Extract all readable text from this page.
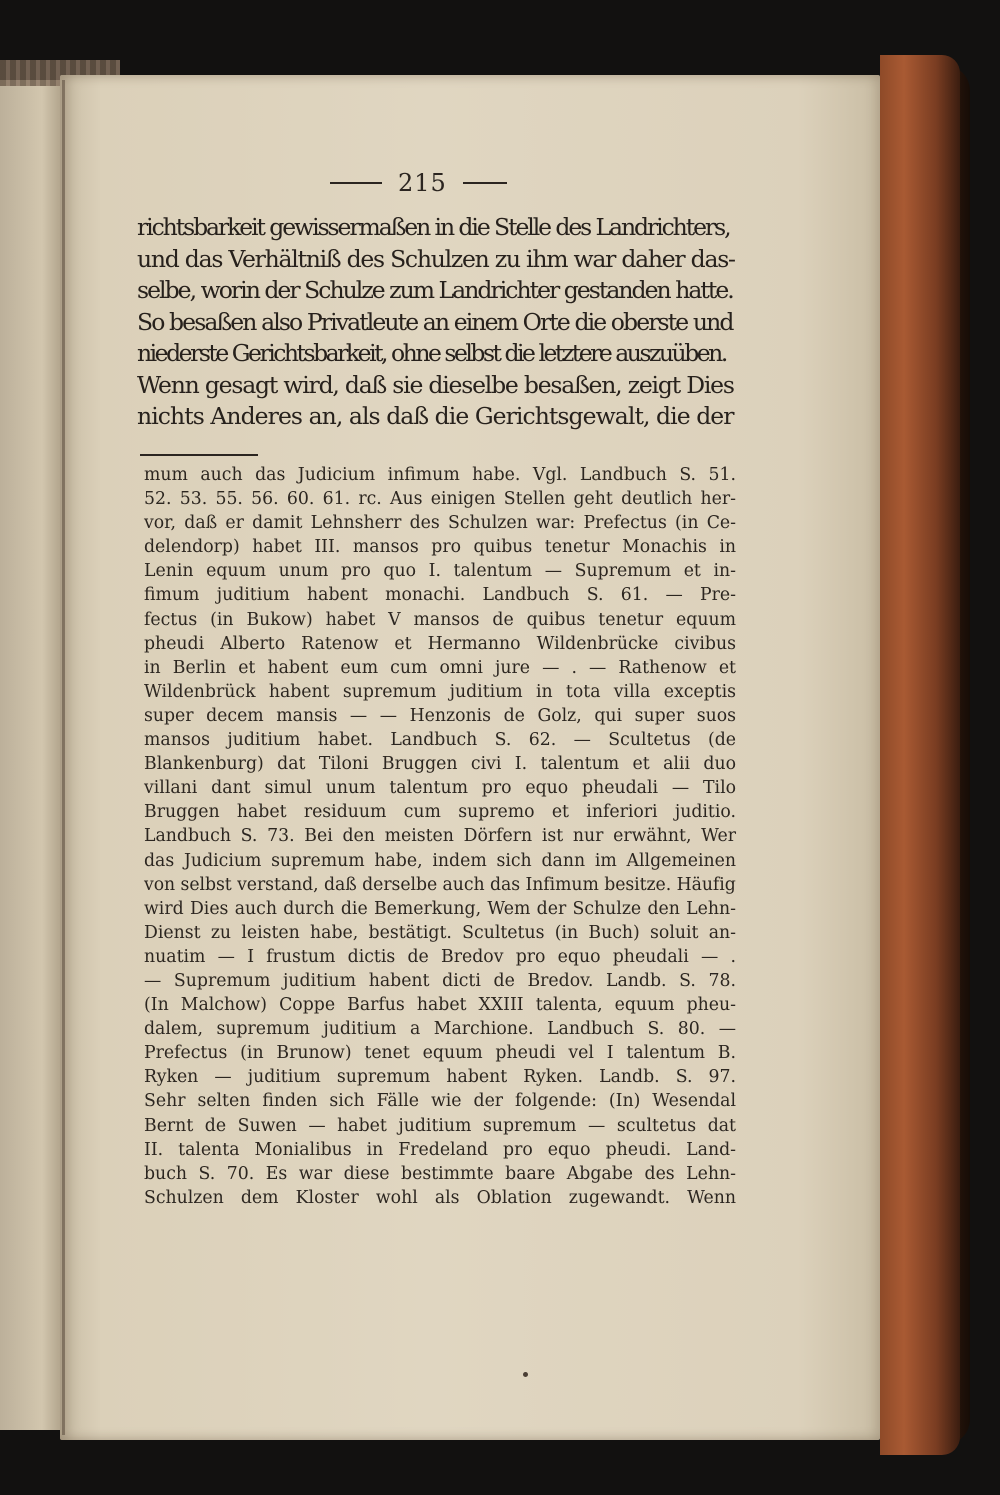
215
richtsbarkeit gewissermaßen in die Stelle des Landrichters,
und das Verhältniß des Schulzen zu ihm war daher das-
selbe, worin der Schulze zum Landrichter gestanden hatte.
So besaßen also Privatleute an einem Orte die oberste und
niederste Gerichtsbarkeit, ohne selbst die letztere auszuüben.
Wenn gesagt wird, daß sie dieselbe besaßen, zeigt Dies
nichts Anderes an, als daß die Gerichtsgewalt, die der
mum auch das Judicium infimum habe. Vgl. Landbuch S. 51.
52. 53. 55. 56. 60. 61. rc. Aus einigen Stellen geht deutlich her-
vor, daß er damit Lehnsherr des Schulzen war: Prefectus (in Ce-
delendorp) habet III. mansos pro quibus tenetur Monachis in
Lenin equum unum pro quo I. talentum — Supremum et in-
fimum juditium habent monachi. Landbuch S. 61. — Pre-
fectus (in Bukow) habet V mansos de quibus tenetur equum
pheudi Alberto Ratenow et Hermanno Wildenbrücke civibus
in Berlin et habent eum cum omni jure — . — Rathenow et
Wildenbrück habent supremum juditium in tota villa exceptis
super decem mansis — — Henzonis de Golz, qui super suos
mansos juditium habet. Landbuch S. 62. — Scultetus (de
Blankenburg) dat Tiloni Bruggen civi I. talentum et alii duo
villani dant simul unum talentum pro equo pheudali — Tilo
Bruggen habet residuum cum supremo et inferiori juditio.
Landbuch S. 73. Bei den meisten Dörfern ist nur erwähnt, Wer
das Judicium supremum habe, indem sich dann im Allgemeinen
von selbst verstand, daß derselbe auch das Infimum besitze. Häufig
wird Dies auch durch die Bemerkung, Wem der Schulze den Lehn-
Dienst zu leisten habe, bestätigt. Scultetus (in Buch) soluit an-
nuatim — I frustum dictis de Bredov pro equo pheudali — .
— Supremum juditium habent dicti de Bredov. Landb. S. 78.
(In Malchow) Coppe Barfus habet XXIII talenta, equum pheu-
dalem, supremum juditium a Marchione. Landbuch S. 80. —
Prefectus (in Brunow) tenet equum pheudi vel I talentum B.
Ryken — juditium supremum habent Ryken. Landb. S. 97.
Sehr selten finden sich Fälle wie der folgende: (In) Wesendal
Bernt de Suwen — habet juditium supremum — scultetus dat
II. talenta Monialibus in Fredeland pro equo pheudi. Land-
buch S. 70. Es war diese bestimmte baare Abgabe des Lehn-
Schulzen dem Kloster wohl als Oblation zugewandt. Wenn
